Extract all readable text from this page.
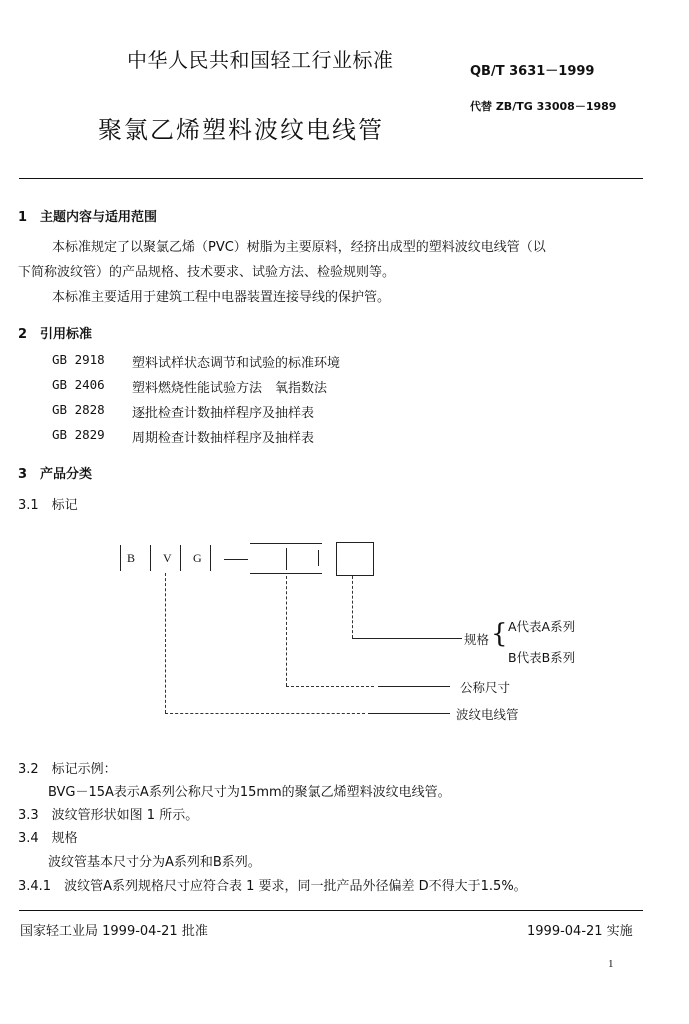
中华人民共和国轻工行业标准	QB/T 3631－1999
代替 ZB/TG 33008－1989
聚氯乙烯塑料波纹电线管
1　主题内容与适用范围
本标准规定了以聚氯乙烯（PVC）树脂为主要原料，经挤出成型的塑料波纹电线管（以
下简称波纹管）的产品规格、技术要求、试验方法、检验规则等。
本标准主要适用于建筑工程中电器装置连接导线的保护管。
2　引用标准
GB 2918 塑料试样状态调节和试验的标准环境
GB 2406 塑料燃烧性能试验方法　氧指数法
GB 2828 逐批检查计数抽样程序及抽样表
GB 2829 周期检查计数抽样程序及抽样表
3　产品分类
3.1　标记
B V G
规格 { A代表A系列
B代表B系列
公称尺寸
波纹电线管
3.2　标记示例：
BVG－15A表示A系列公称尺寸为15mm的聚氯乙烯塑料波纹电线管。
3.3　波纹管形状如图 1 所示。
3.4　规格
波纹管基本尺寸分为A系列和B系列。
3.4.1　波纹管A系列规格尺寸应符合表 1 要求，同一批产品外径偏差 D不得大于1.5%。
国家轻工业局 1999-04-21 批准	1999-04-21 实施
1
